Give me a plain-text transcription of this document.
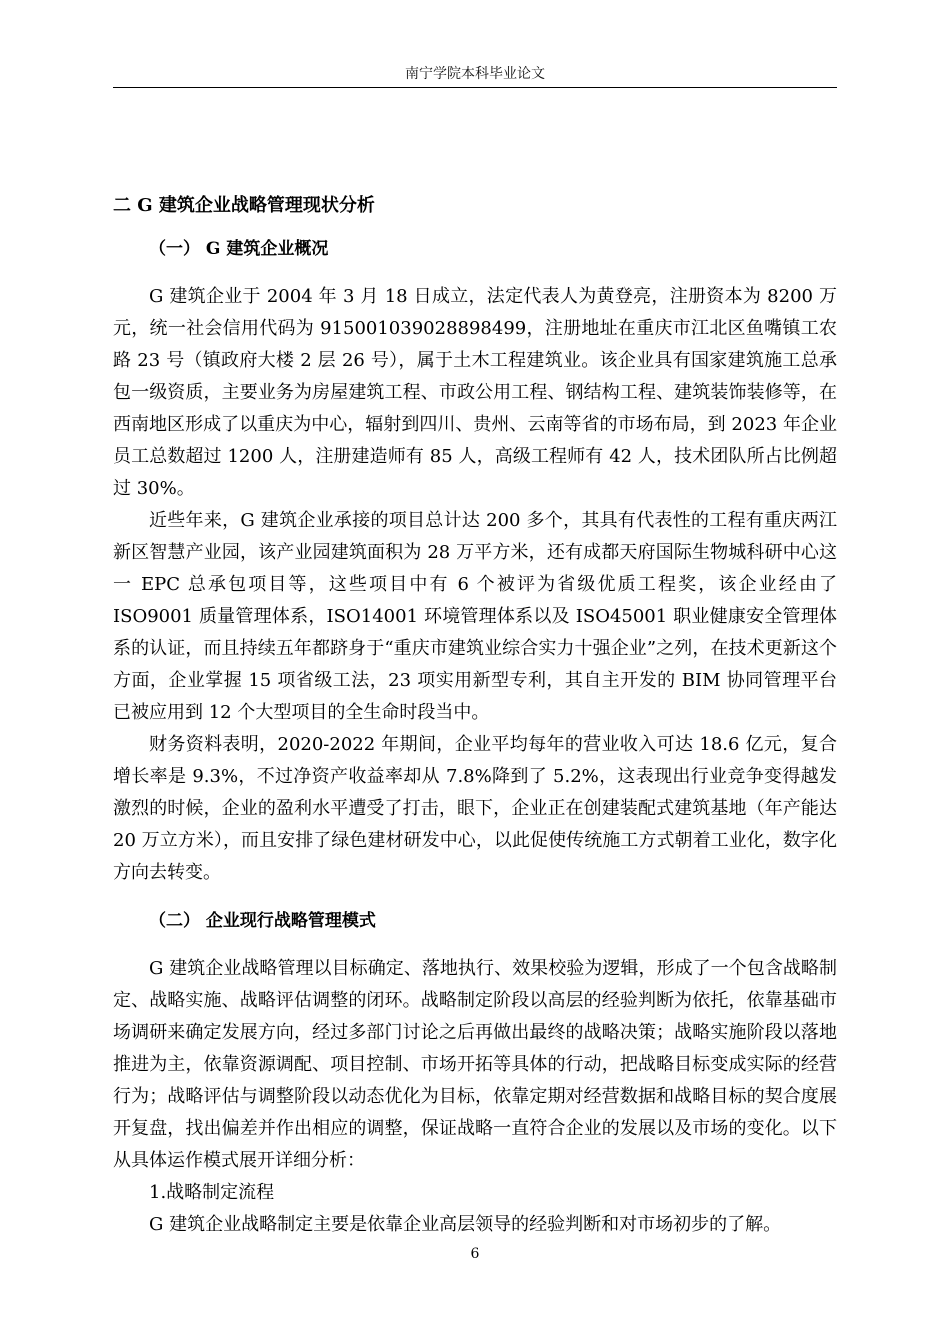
南宁学院本科毕业论文
二 G 建筑企业战略管理现状分析
（一） G 建筑企业概况

G 建筑企业于 2004 年 3 月 18 日成立，法定代表人为黄登亮，注册资本为 8200 万元，统一社会信用代码为 915001039028898499，注册地址在重庆市江北区鱼嘴镇工农路 23 号（镇政府大楼 2 层 26 号），属于土木工程建筑业。该企业具有国家建筑施工总承包一级资质，主要业务为房屋建筑工程、市政公用工程、钢结构工程、建筑装饰装修等，在西南地区形成了以重庆为中心，辐射到四川、贵州、云南等省的市场布局，到 2023 年企业员工总数超过 1200 人，注册建造师有 85 人，高级工程师有 42 人，技术团队所占比例超过 30%。

近些年来，G 建筑企业承接的项目总计达 200 多个，其具有代表性的工程有重庆两江新区智慧产业园，该产业园建筑面积为 28 万平方米，还有成都天府国际生物城科研中心这一 EPC 总承包项目等，这些项目中有 6 个被评为省级优质工程奖，该企业经由了 ISO9001 质量管理体系，ISO14001 环境管理体系以及 ISO45001 职业健康安全管理体系的认证，而且持续五年都跻身于“重庆市建筑业综合实力十强企业”之列，在技术更新这个方面，企业掌握 15 项省级工法，23 项实用新型专利，其自主开发的 BIM 协同管理平台已被应用到 12 个大型项目的全生命时段当中。

财务资料表明，2020-2022 年期间，企业平均每年的营业收入可达 18.6 亿元，复合增长率是 9.3%，不过净资产收益率却从 7.8%降到了 5.2%，这表现出行业竞争变得越发激烈的时候，企业的盈利水平遭受了打击，眼下，企业正在创建装配式建筑基地（年产能达 20 万立方米），而且安排了绿色建材研发中心，以此促使传统施工方式朝着工业化，数字化方向去转变。

（二） 企业现行战略管理模式

G 建筑企业战略管理以目标确定、落地执行、效果校验为逻辑，形成了一个包含战略制定、战略实施、战略评估调整的闭环。战略制定阶段以高层的经验判断为依托，依靠基础市场调研来确定发展方向，经过多部门讨论之后再做出最终的战略决策；战略实施阶段以落地推进为主，依靠资源调配、项目控制、市场开拓等具体的行动，把战略目标变成实际的经营行为；战略评估与调整阶段以动态优化为目标，依靠定期对经营数据和战略目标的契合度展开复盘，找出偏差并作出相应的调整，保证战略一直符合企业的发展以及市场的变化。以下从具体运作模式展开详细分析：

1.战略制定流程

G 建筑企业战略制定主要是依靠企业高层领导的经验判断和对市场初步的了解。

6
